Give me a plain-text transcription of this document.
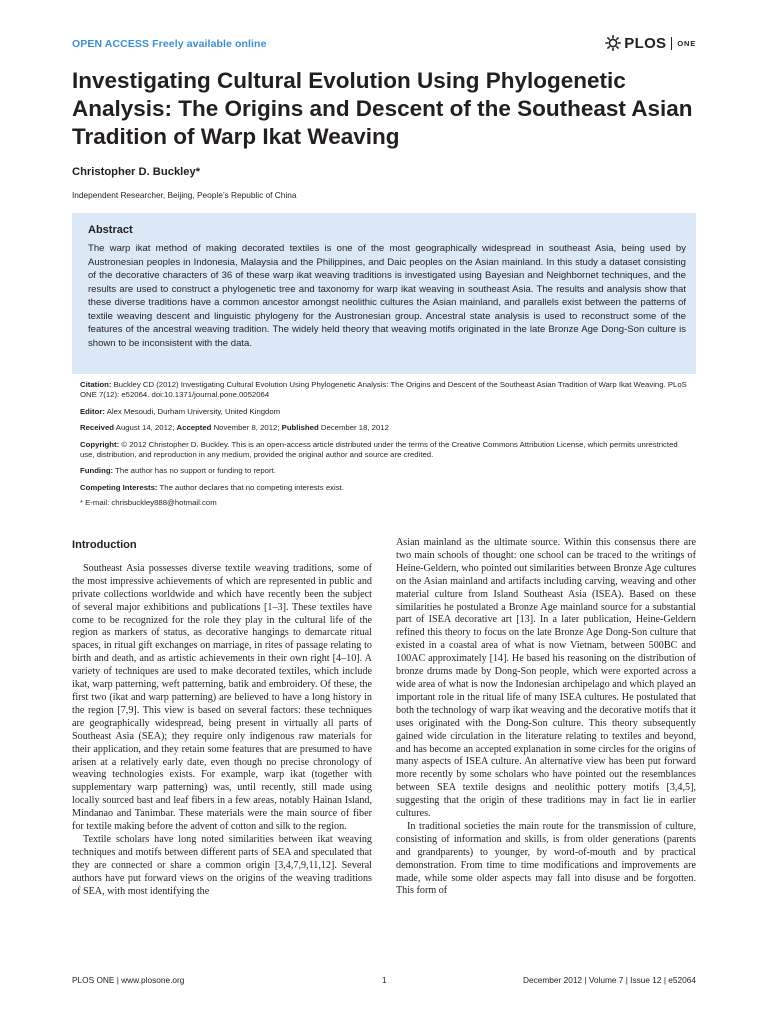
OPEN ACCESS Freely available online	PLOS ONE
Investigating Cultural Evolution Using Phylogenetic Analysis: The Origins and Descent of the Southeast Asian Tradition of Warp Ikat Weaving
Christopher D. Buckley*
Independent Researcher, Beijing, People’s Republic of China
Abstract

The warp ikat method of making decorated textiles is one of the most geographically widespread in southeast Asia, being used by Austronesian peoples in Indonesia, Malaysia and the Philippines, and Daic peoples on the Asian mainland. In this study a dataset consisting of the decorative characters of 36 of these warp ikat weaving traditions is investigated using Bayesian and Neighbornet techniques, and the results are used to construct a phylogenetic tree and taxonomy for warp ikat weaving in southeast Asia. The results and analysis show that these diverse traditions have a common ancestor amongst neolithic cultures the Asian mainland, and parallels exist between the patterns of textile weaving descent and linguistic phylogeny for the Austronesian group. Ancestral state analysis is used to reconstruct some of the features of the ancestral weaving tradition. The widely held theory that weaving motifs originated in the late Bronze Age Dong-Son culture is shown to be inconsistent with the data.

Citation: Buckley CD (2012) Investigating Cultural Evolution Using Phylogenetic Analysis: The Origins and Descent of the Southeast Asian Tradition of Warp Ikat Weaving. PLoS ONE 7(12): e52064. doi:10.1371/journal.pone.0052064

Editor: Alex Mesoudi, Durham University, United Kingdom

Received August 14, 2012; Accepted November 8, 2012; Published December 18, 2012

Copyright: © 2012 Christopher D. Buckley. This is an open-access article distributed under the terms of the Creative Commons Attribution License, which permits unrestricted use, distribution, and reproduction in any medium, provided the original author and source are credited.

Funding: The author has no support or funding to report.

Competing Interests: The author declares that no competing interests exist.

* E-mail: chrisbuckley888@hotmail.com

Introduction

Southeast Asia possesses diverse textile weaving traditions, some of the most impressive achievements of which are represented in public and private collections worldwide and which have recently been the subject of several major exhibitions and publications [1–3]. These textiles have come to be recognized for the role they play in the cultural life of the region as markers of status, as decorative hangings to demarcate ritual spaces, in ritual gift exchanges on marriage, in rites of passage relating to birth and death, and as artistic achievements in their own right [4–10]. A variety of techniques are used to make decorated textiles, which include ikat, warp patterning, weft patterning, batik and embroidery. Of these, the first two (ikat and warp patterning) are believed to have a long history in the region [7,9]. This view is based on several factors: these techniques are geographically widespread, being present in virtually all parts of Southeast Asia (SEA); they require only indigenous raw materials for their application, and they retain some features that are presumed to have arisen at a relatively early date, even though no precise chronology of weaving technologies exists. For example, warp ikat (together with supplementary warp patterning) was, until recently, still made using locally sourced bast and leaf fibers in a few areas, notably Hainan Island, Mindanao and Tanimbar. These materials were the main source of fiber for textile making before the advent of cotton and silk to the region.

Textile scholars have long noted similarities between ikat weaving techniques and motifs between different parts of SEA and speculated that they are connected or share a common origin [3,4,7,9,11,12]. Several authors have put forward views on the origins of the weaving traditions of SEA, with most identifying the

Asian mainland as the ultimate source. Within this consensus there are two main schools of thought: one school can be traced to the writings of Heine-Geldern, who pointed out similarities between Bronze Age cultures on the Asian mainland and artifacts including carving, weaving and other material culture from Island Southeast Asia (ISEA). Based on these similarities he postulated a Bronze Age mainland source for a substantial part of ISEA decorative art [13]. In a later publication, Heine-Geldern refined this theory to focus on the late Bronze Age Dong-Son culture that existed in a coastal area of what is now Vietnam, between 500BC and 100AC approximately [14]. He based his reasoning on the distribution of bronze drums made by Dong-Son people, which were exported across a wide area of what is now the Indonesian archipelago and which played an important role in the ritual life of many ISEA cultures. He postulated that both the technology of warp ikat weaving and the decorative motifs that it uses originated with the Dong-Son culture. This theory subsequently gained wide circulation in the literature relating to textiles and beyond, and has become an accepted explanation in some circles for the origins of many aspects of ISEA culture. An alternative view has been put forward more recently by some scholars who have pointed out the resemblances between SEA textile designs and neolithic pottery motifs [3,4,5], suggesting that the origin of these traditions may in fact lie in earlier cultures.

In traditional societies the main route for the transmission of culture, consisting of information and skills, is from older generations (parents and grandparents) to younger, by word-of-mouth and by practical demonstration. From time to time modifications and improvements are made, while some older aspects may fall into disuse and be forgotten. This form of

PLOS ONE | www.plosone.org	1	December 2012 | Volume 7 | Issue 12 | e52064
